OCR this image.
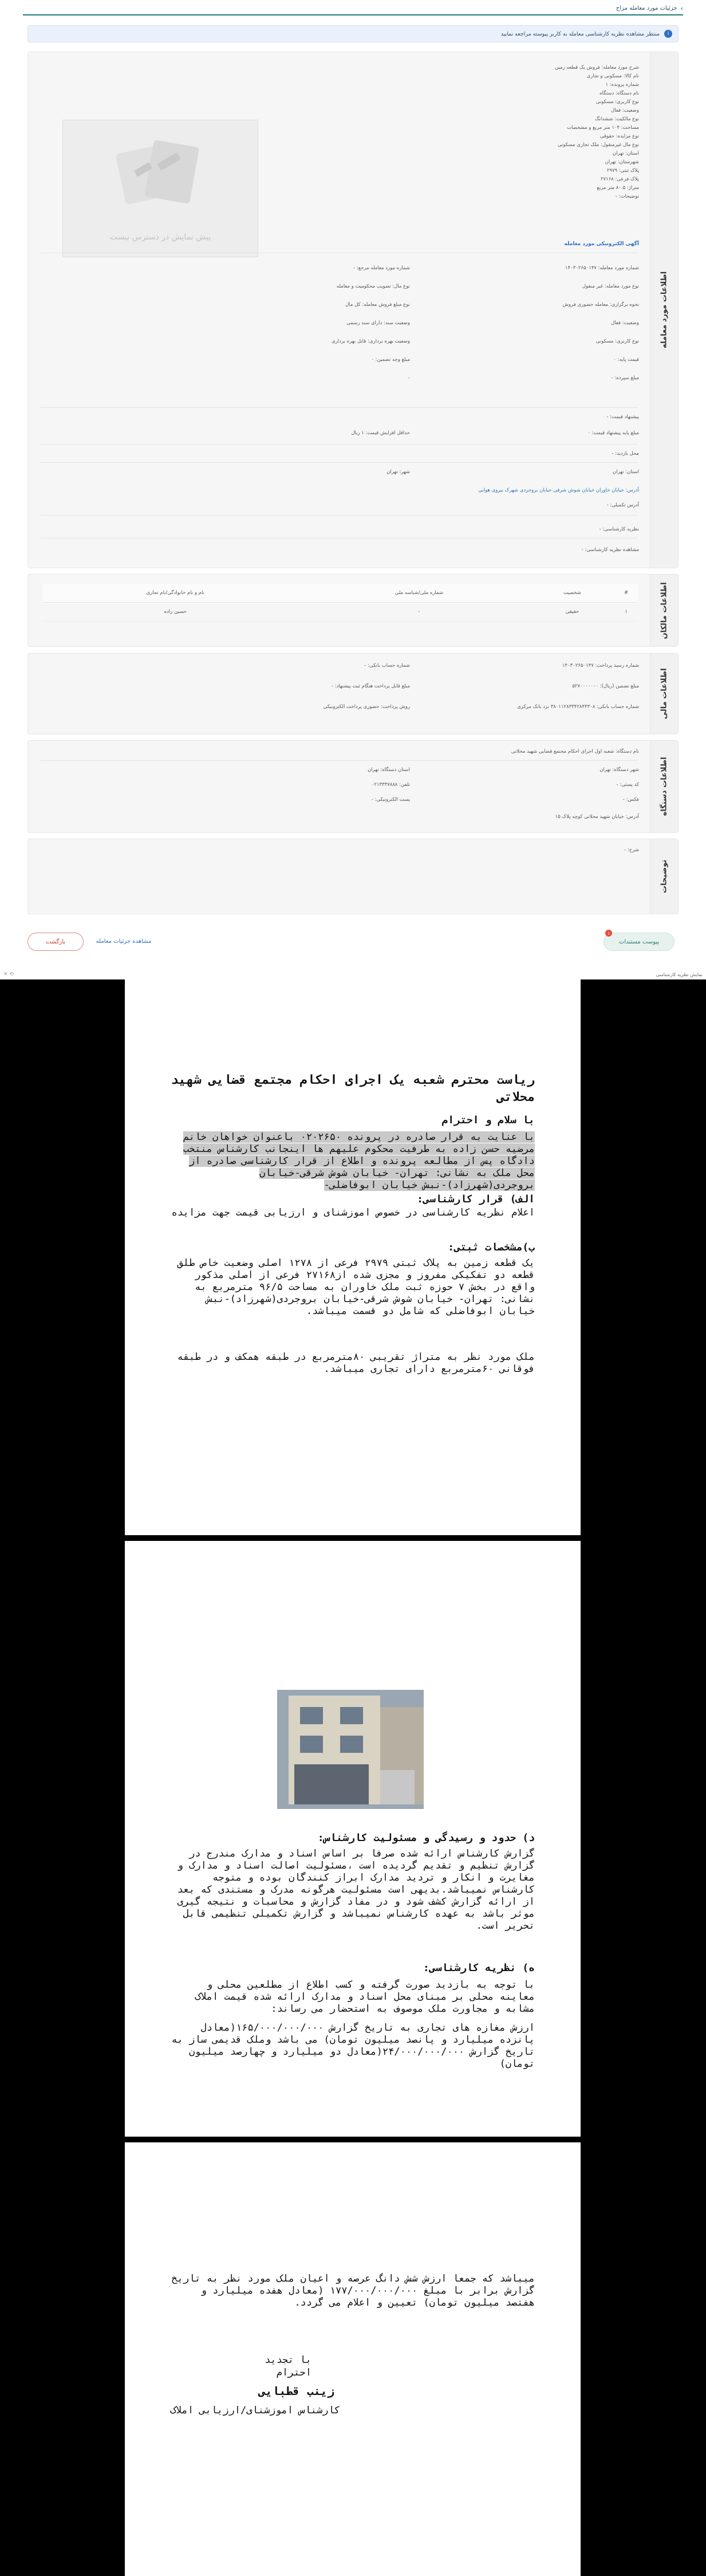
›
جزئیات مورد معامله مزاح
i
منتظر مشاهده نظریه کارشناسی معامله به کاربر پیوسته مراجعه نمایید
اطلاعات مورد معامله
پیش نمایش در دسترس نیست
شرح مورد معامله: فروش یک قطعه زمین
نام کالا: مسکونی و تجاری
شماره پرونده: ۱
نام دستگاه: دستگاه
نوع کاربری: مسکونی
وضعیت: فعال
نوع مالکیت: ششدانگ
مساحت: ۱۰۴ متر مربع و مشخصات
نوع مزایده: حقوقی
نوع مال غیرمنقول: ملک تجاری مسکونی
استان: تهران
شهرستان: تهران
پلاک ثبتی: ۲۹۷۹
پلاک فرعی: ۲۷۱۶۸
متراژ: ۸۰.۵ متر مربع
توضیحات: -
آگهی الکترونیکی مورد معامله
شماره مورد معامله: ۱۴۰۳۰۲۶۵۰۱۴۷
شماره مورد معامله مرجع: -
نوع مورد معامله: غیر منقول
نوع مال: تصویب محکومیت و معامله
نحوه برگزاری: معامله حضوری فروش
نوع مبلغ فروش معامله: کل مال
وضعیت: فعال
وضعیت سند: دارای سند رسمی
نوع کاربری: مسکونی
وضعیت بهره برداری: قابل بهره برداری
قیمت پایه: ۰
مبلغ وجه تضمین: ۰
مبلغ سپرده: -
-
پیشنهاد قیمت: -
مبلغ پایه پیشنهاد قیمت: ۰
حداقل افزایش قیمت: ۱ ریال
محل بازدید: -
استان: تهران
شهر: تهران
آدرس: خیابان خاوران خیابان شوش شرقی خیابان بروجردی شهرک نیروی هوایی
آدرس تکمیلی: -
نظریه کارشناسی: -
مشاهده نظریه کارشناسی: -
اطلاعات مالکان
#	شخصیت	شماره ملی/شناسه ملی	نام و نام خانوادگی/نام تجاری
۱	حقیقی	-	حسین زاده
اطلاعات مالی
شماره رسید پرداخت: ۱۴۰۳۰۲۶۵۰۱۴۷
شماره حساب بانکی: -
مبلغ تضمین (ریال): ۵۲۷۰۰۰۰۰۰۰
مبلغ قابل پرداخت هنگام ثبت پیشنهاد: -
شماره حساب بانکی: ۳۸۰۱۱۲۸۳۳۴۲۸۴۴۳۰۸ نزد بانک مرکزی
روش پرداخت: حضوری پرداخت الکترونیکی
اطلاعات دستگاه
نام دستگاه: شعبه اول اجرای احکام مجتمع قضایی شهید محلاتی
شهر دستگاه: تهران
استان دستگاه: تهران
کد پستی: -
تلفن: ۰۲۱۳۳۳۷۸۸۸
فکس: -
پست الکترونیکی: -
آدرس: خیابان شهید محلاتی کوچه پلاک ۱۵
توضیحات
شرح: -
بازگشت	مشاهده جزئیات معامله	پیوست مستندات
۱
نمایش نظریه کارشناسی
✕ ⟲
ریاست محترم شعبه یک اجرای احکام مجتمع قضایی شهید محلاتی
با سلام و احترام
با عنایت به قرار صادره در پرونده ۰۲۰۲۶۵۰ باعنوان خواهان خانم مرضیه حسن زاده به طرفیت محکوم علیهم ها اینجانب کارشناس منتخب دادگاه پس از مطالعه پرونده و اطلاع از قرار کارشناسی صادره از محل ملک به نشانی: تهران- خیابان شوش شرقی-خیابان بروجردی(شهرزاد)-نبش خیابان ابوفاضلی-
الف) قرار کارشناسی:
اعلام نظریه کارشناسی در خصوص اموزشنای و ارزیابی قیمت جهت مزایده
ب)مشخصات ثبتی:
یک قطعه زمین به پلاک ثبتی ۲۹۷۹ فرعی از ۱۲۷۸ اصلی وضعیت خاص طلق قطعه دو تفکیکی مفروز و مجزی شده از۲۷۱۶۸ فرعی از اصلی مذکور واقع در بخش ۷ حوزه ثبت ملک خاوران به مساحت ۹۶/۵ مترمربع به نشانی: تهران- خیابان شوش شرقی-خیابان بروجردی(شهرزاد)-نبش خیابان ابوفاضلی که شامل دو قسمت میباشد.
ملک مورد نظر به متراژ تقریبی ۸۰مترمربع در طبقه همکف و در طبقه فوقانی ۶۰مترمربع دارای تجاری میباشد.
د) حدود و رسیدگی و مسئولیت کارشناس:
گزارش کارشناس ارائه شده صرفا بر اساس اسناد و مدارک مندرج در گزارش تنظیم و تقدیم گردیده است ،مسئولیت اصالت اسناد و مدارک و مغایرت و انکار و تردید مدارک ابراز کنندگان بوده و متوجه کارشناس نمیباشد.بدیهی است مسئولیت هرگونه مدرک و مستندی که بعد از ارائه گزارش کشف شود و در مفاد گزارش و محاسبات و نتیجه گیری موثر باشد به عهده کارشناس نمیباشد و گزارش تکمیلی تنظیمی قابل تحریر است.
ه) نظریه کارشناسی:
با توجه به بازدید صورت گرفته و کسب اطلاع از مطلعین محلی و معاینه محلی بر مبنای محل اسناد و مدارک ارائه شده قیمت املاک مشابه و مجاورت ملک موصوف به استحضار می رساند:
ارزش مغازه های تجاری به تاریخ گزارش ۱۶۵/۰۰۰/۰۰۰/۰۰۰(معادل پانزده میلیارد و پانصد میلیون تومان) می باشد وملک قدیمی ساز به تاریخ گزارش ۲۴/۰۰۰/۰۰۰/۰۰۰(معادل دو میلیارد و چهارصد میلیون تومان)
میباشد که جمعا ارزش شش دانگ عرصه و اعیان ملک مورد نظر به تاریخ گزارش برابر با مبلغ ۱۷۷/۰۰۰/۰۰۰/۰۰۰ (معادل هفده میلیارد و هفتصد میلیون تومان) تعیین و اعلام می گردد.
با تجدید
احترام
زینب قطبایی
کارشناس اموزشنای/ارزیابی املاک
